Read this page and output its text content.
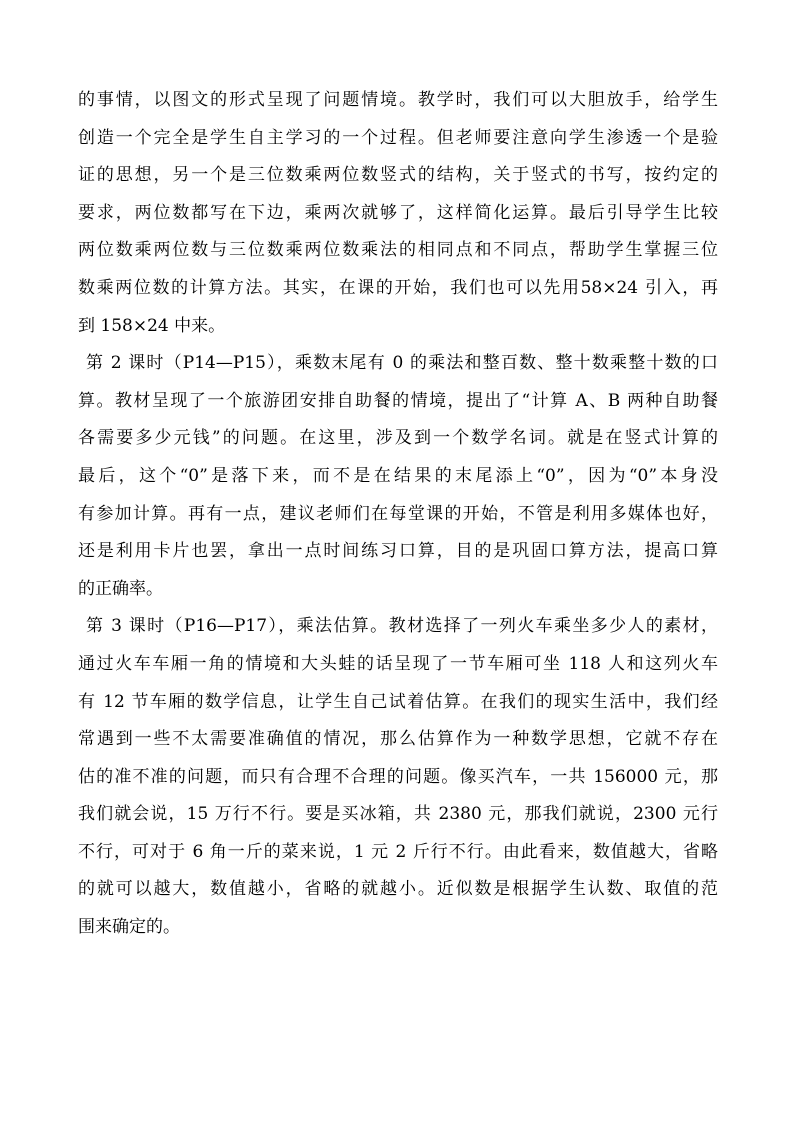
的事情，以图文的形式呈现了问题情境。教学时，我们可以大胆放手，给学生
创造一个完全是学生自主学习的一个过程。但老师要注意向学生渗透一个是验
证的思想，另一个是三位数乘两位数竖式的结构，关于竖式的书写，按约定的
要求，两位数都写在下边，乘两次就够了，这样简化运算。最后引导学生比较
两位数乘两位数与三位数乘两位数乘法的相同点和不同点，帮助学生掌握三位
数乘两位数的计算方法。其实，在课的开始，我们也可以先用58×24 引入，再
到 158×24 中来。
第 2 课时（P14—P15），乘数末尾有 0 的乘法和整百数、整十数乘整十数的口
算。教材呈现了一个旅游团安排自助餐的情境，提出了“计算 A、B 两种自助餐
各需要多少元钱”的问题。在这里，涉及到一个数学名词。就是在竖式计算的
最后，这个“0”是落下来，而不是在结果的末尾添上“0”，因为“0”本身没
有参加计算。再有一点，建议老师们在每堂课的开始，不管是利用多媒体也好，
还是利用卡片也罢，拿出一点时间练习口算，目的是巩固口算方法，提高口算
的正确率。
第 3 课时（P16—P17），乘法估算。教材选择了一列火车乘坐多少人的素材，
通过火车车厢一角的情境和大头蛙的话呈现了一节车厢可坐 118 人和这列火车
有 12 节车厢的数学信息，让学生自己试着估算。在我们的现实生活中，我们经
常遇到一些不太需要准确值的情况，那么估算作为一种数学思想，它就不存在
估的准不准的问题，而只有合理不合理的问题。像买汽车，一共 156000 元，那
我们就会说，15 万行不行。要是买冰箱，共 2380 元，那我们就说，2300 元行
不行，可对于 6 角一斤的菜来说，1 元 2 斤行不行。由此看来，数值越大，省略
的就可以越大，数值越小，省略的就越小。近似数是根据学生认数、取值的范
围来确定的。
